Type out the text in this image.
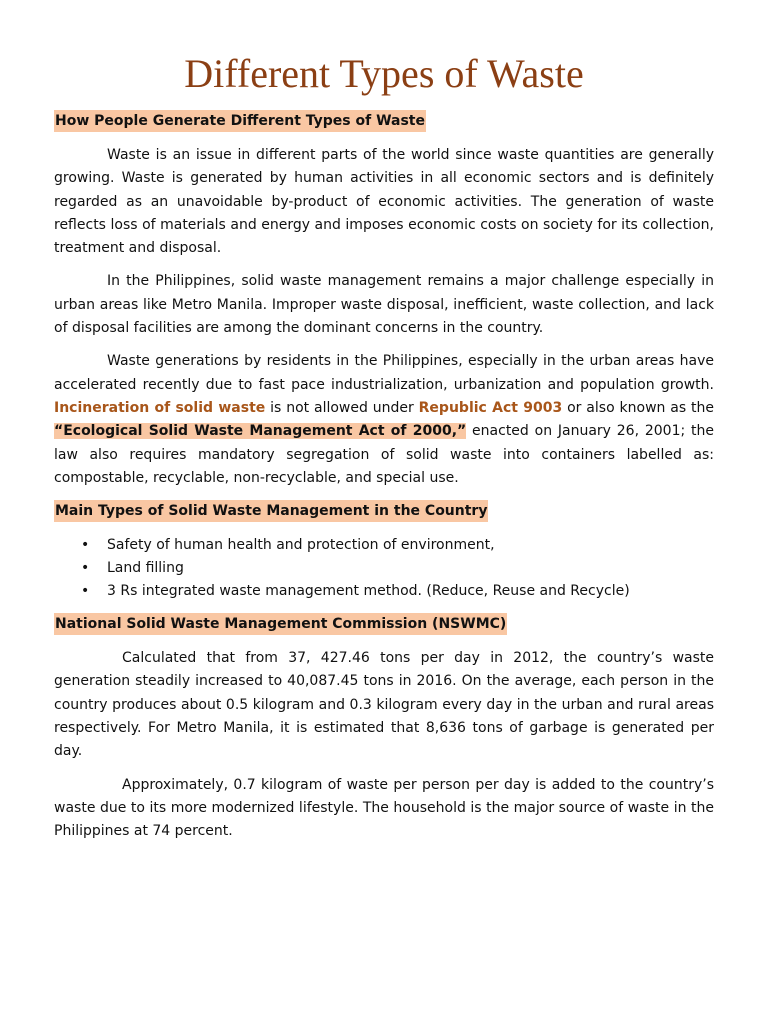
Different Types of Waste
How People Generate Different Types of Waste

Waste is an issue in different parts of the world since waste quantities are generally growing. Waste is generated by human activities in all economic sectors and is definitely regarded as an unavoidable by-product of economic activities. The generation of waste reflects loss of materials and energy and imposes economic costs on society for its collection, treatment and disposal.

In the Philippines, solid waste management remains a major challenge especially in urban areas like Metro Manila. Improper waste disposal, inefficient, waste collection, and lack of disposal facilities are among the dominant concerns in the country.

Waste generations by residents in the Philippines, especially in the urban areas have accelerated recently due to fast pace industrialization, urbanization and population growth. Incineration of solid waste is not allowed under Republic Act 9003 or also known as the “Ecological Solid Waste Management Act of 2000,” enacted on January 26, 2001; the law also requires mandatory segregation of solid waste into containers labelled as: compostable, recyclable, non-recyclable, and special use.

Main Types of Solid Waste Management in the Country
• Safety of human health and protection of environment,
• Land filling
• 3 Rs integrated waste management method. (Reduce, Reuse and Recycle)
National Solid Waste Management Commission (NSWMC)

Calculated that from 37, 427.46 tons per day in 2012, the country’s waste generation steadily increased to 40,087.45 tons in 2016. On the average, each person in the country produces about 0.5 kilogram and 0.3 kilogram every day in the urban and rural areas respectively. For Metro Manila, it is estimated that 8,636 tons of garbage is generated per day.

Approximately, 0.7 kilogram of waste per person per day is added to the country’s waste due to its more modernized lifestyle. The household is the major source of waste in the Philippines at 74 percent.
